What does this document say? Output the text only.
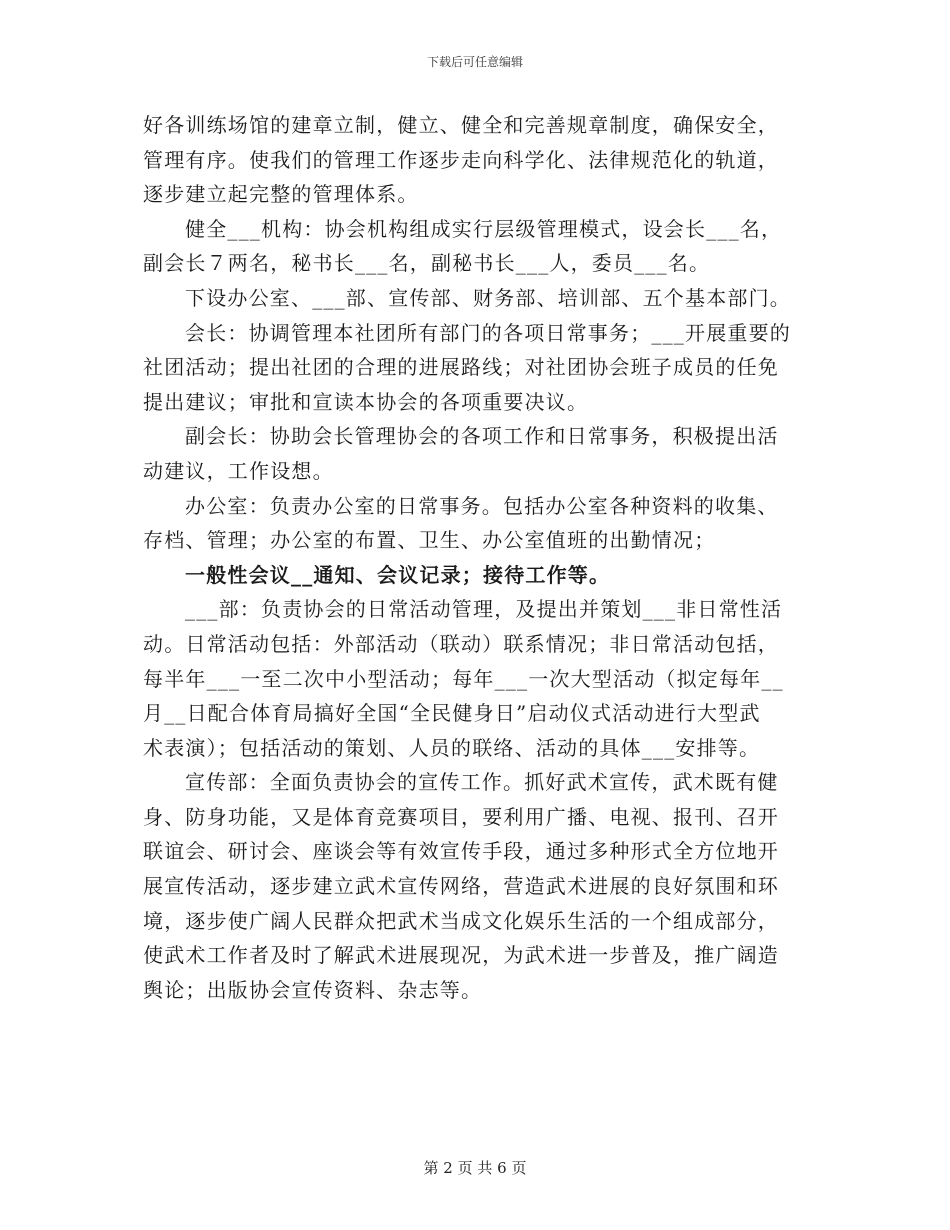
下载后可任意编辑
好各训练场馆的建章立制，健立、健全和完善规章制度，确保安全，
管理有序。使我们的管理工作逐步走向科学化、法律规范化的轨道，
逐步建立起完整的管理体系。
健全___机构：协会机构组成实行层级管理模式，设会长___名，
副会长７两名，秘书长___名，副秘书长___人，委员___名。
下设办公室、___部、宣传部、财务部、培训部、五个基本部门。
会长：协调管理本社团所有部门的各项日常事务；___开展重要的
社团活动；提出社团的合理的进展路线；对社团协会班子成员的任免
提出建议；审批和宣读本协会的各项重要决议。
副会长：协助会长管理协会的各项工作和日常事务，积极提出活
动建议，工作设想。
办公室：负责办公室的日常事务。包括办公室各种资料的收集、
存档、管理；办公室的布置、卫生、办公室值班的出勤情况；
一般性会议__通知、会议记录；接待工作等。
___部：负责协会的日常活动管理，及提出并策划___非日常性活
动。日常活动包括：外部活动（联动）联系情况；非日常活动包括，
每半年___一至二次中小型活动；每年___一次大型活动（拟定每年__
月__日配合体育局搞好全国“全民健身日”启动仪式活动进行大型武
术表演）；包括活动的策划、人员的联络、活动的具体___安排等。
宣传部：全面负责协会的宣传工作。抓好武术宣传，武术既有健
身、防身功能，又是体育竞赛项目，要利用广播、电视、报刊、召开
联谊会、研讨会、座谈会等有效宣传手段，通过多种形式全方位地开
展宣传活动，逐步建立武术宣传网络，营造武术进展的良好氛围和环
境，逐步使广阔人民群众把武术当成文化娱乐生活的一个组成部分，
使武术工作者及时了解武术进展现况，为武术进一步普及，推广阔造
舆论；出版协会宣传资料、杂志等。
第 2 页 共 6 页
